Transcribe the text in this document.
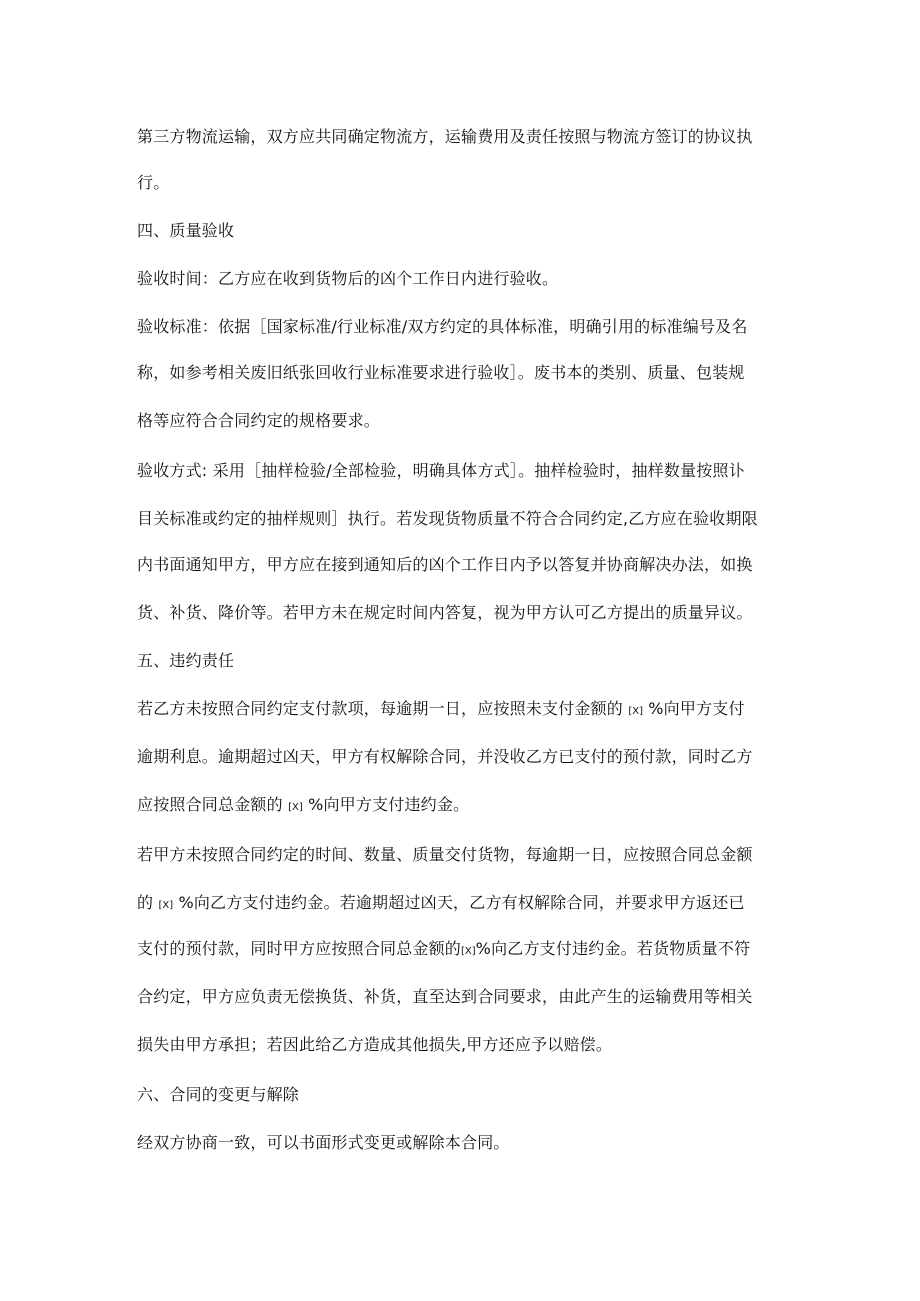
第三方物流运输，双方应共同确定物流方，运输费用及责任按照与物流方签订的协议执
行。
四、质量验收
验收时间：乙方应在收到货物后的凶个工作日内进行验收。
验收标准：依据［国家标准/行业标准/双方约定的具体标准，明确引用的标准编号及名
称，如参考相关废旧纸张回收行业标准要求进行验收］。废书本的类别、质量、包装规
格等应符合合同约定的规格要求。
验收方式: 采用［抽样检验/全部检验，明确具体方式］。抽样检验时，抽样数量按照讣
目关标准或约定的抽样规则］执行。若发现货物质量不符合合同约定,乙方应在验收期限
内书面通知甲方，甲方应在接到通知后的凶个工作日内予以答复并协商解决办法，如换
货、补货、降价等。若甲方未在规定时间内答复，视为甲方认可乙方提出的质量异议。
五、违约责任
若乙方未按照合同约定支付款项，每逾期一日，应按照未支付金额的 [X] %向甲方支付
逾期利息。逾期超过凶天，甲方有权解除合同，并没收乙方已支付的预付款，同时乙方
应按照合同总金额的 [X] %向甲方支付违约金。
若甲方未按照合同约定的时间、数量、质量交付货物，每逾期一日，应按照合同总金额
的 [X] %向乙方支付违约金。若逾期超过凶天，乙方有权解除合同，并要求甲方返还已
支付的预付款，同时甲方应按照合同总金额的[X]%向乙方支付违约金。若货物质量不符
合约定，甲方应负责无偿换货、补货，直至达到合同要求，由此产生的运输费用等相关
损失由甲方承担；若因此给乙方造成其他损失,甲方还应予以赔偿。
六、合同的变更与解除
经双方协商一致，可以书面形式变更或解除本合同。
